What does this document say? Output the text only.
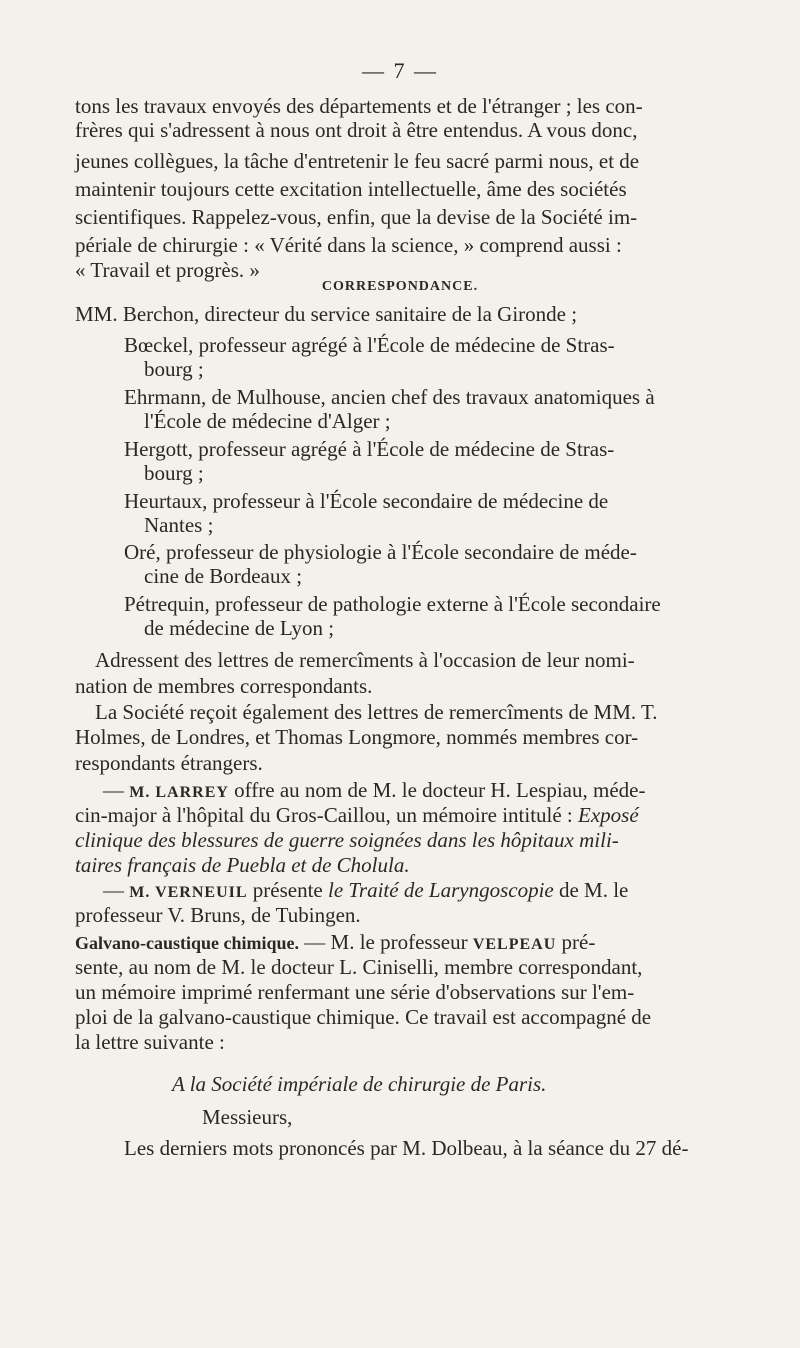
— 7 —

tons les travaux envoyés des départements et de l'étranger ; les con-
frères qui s'adressent à nous ont droit à être entendus. A vous donc,
jeunes collègues, la tâche d'entretenir le feu sacré parmi nous, et de
maintenir toujours cette excitation intellectuelle, âme des sociétés
scientifiques. Rappelez-vous, enfin, que la devise de la Société im-
périale de chirurgie : « Vérité dans la science, » comprend aussi :
« Travail et progrès. »
CORRESPONDANCE.
MM. Berchon, directeur du service sanitaire de la Gironde ;
Bœckel, professeur agrégé à l'École de médecine de Stras-
bourg ;
Ehrmann, de Mulhouse, ancien chef des travaux anatomiques à
l'École de médecine d'Alger ;
Hergott, professeur agrégé à l'École de médecine de Stras-
bourg ;
Heurtaux, professeur à l'École secondaire de médecine de
Nantes ;
Oré, professeur de physiologie à l'École secondaire de méde-
cine de Bordeaux ;
Pétrequin, professeur de pathologie externe à l'École secondaire
de médecine de Lyon ;
Adressent des lettres de remercîments à l'occasion de leur nomi-
nation de membres correspondants.
La Société reçoit également des lettres de remercîments de MM. T.
Holmes, de Londres, et Thomas Longmore, nommés membres cor-
respondants étrangers.
— M. LARREY offre au nom de M. le docteur H. Lespiau, méde-
cin-major à l'hôpital du Gros-Caillou, un mémoire intitulé : Exposé
clinique des blessures de guerre soignées dans les hôpitaux mili-
taires français de Puebla et de Cholula.
— M. VERNEUIL présente le Traité de Laryngoscopie de M. le
professeur V. Bruns, de Tubingen.
Galvano-caustique chimique. — M. le professeur VELPEAU pré-
sente, au nom de M. le docteur L. Ciniselli, membre correspondant,
un mémoire imprimé renfermant une série d'observations sur l'em-
ploi de la galvano-caustique chimique. Ce travail est accompagné de
la lettre suivante :
A la Société impériale de chirurgie de Paris.
Messieurs,
Les derniers mots prononcés par M. Dolbeau, à la séance du 27 dé-
